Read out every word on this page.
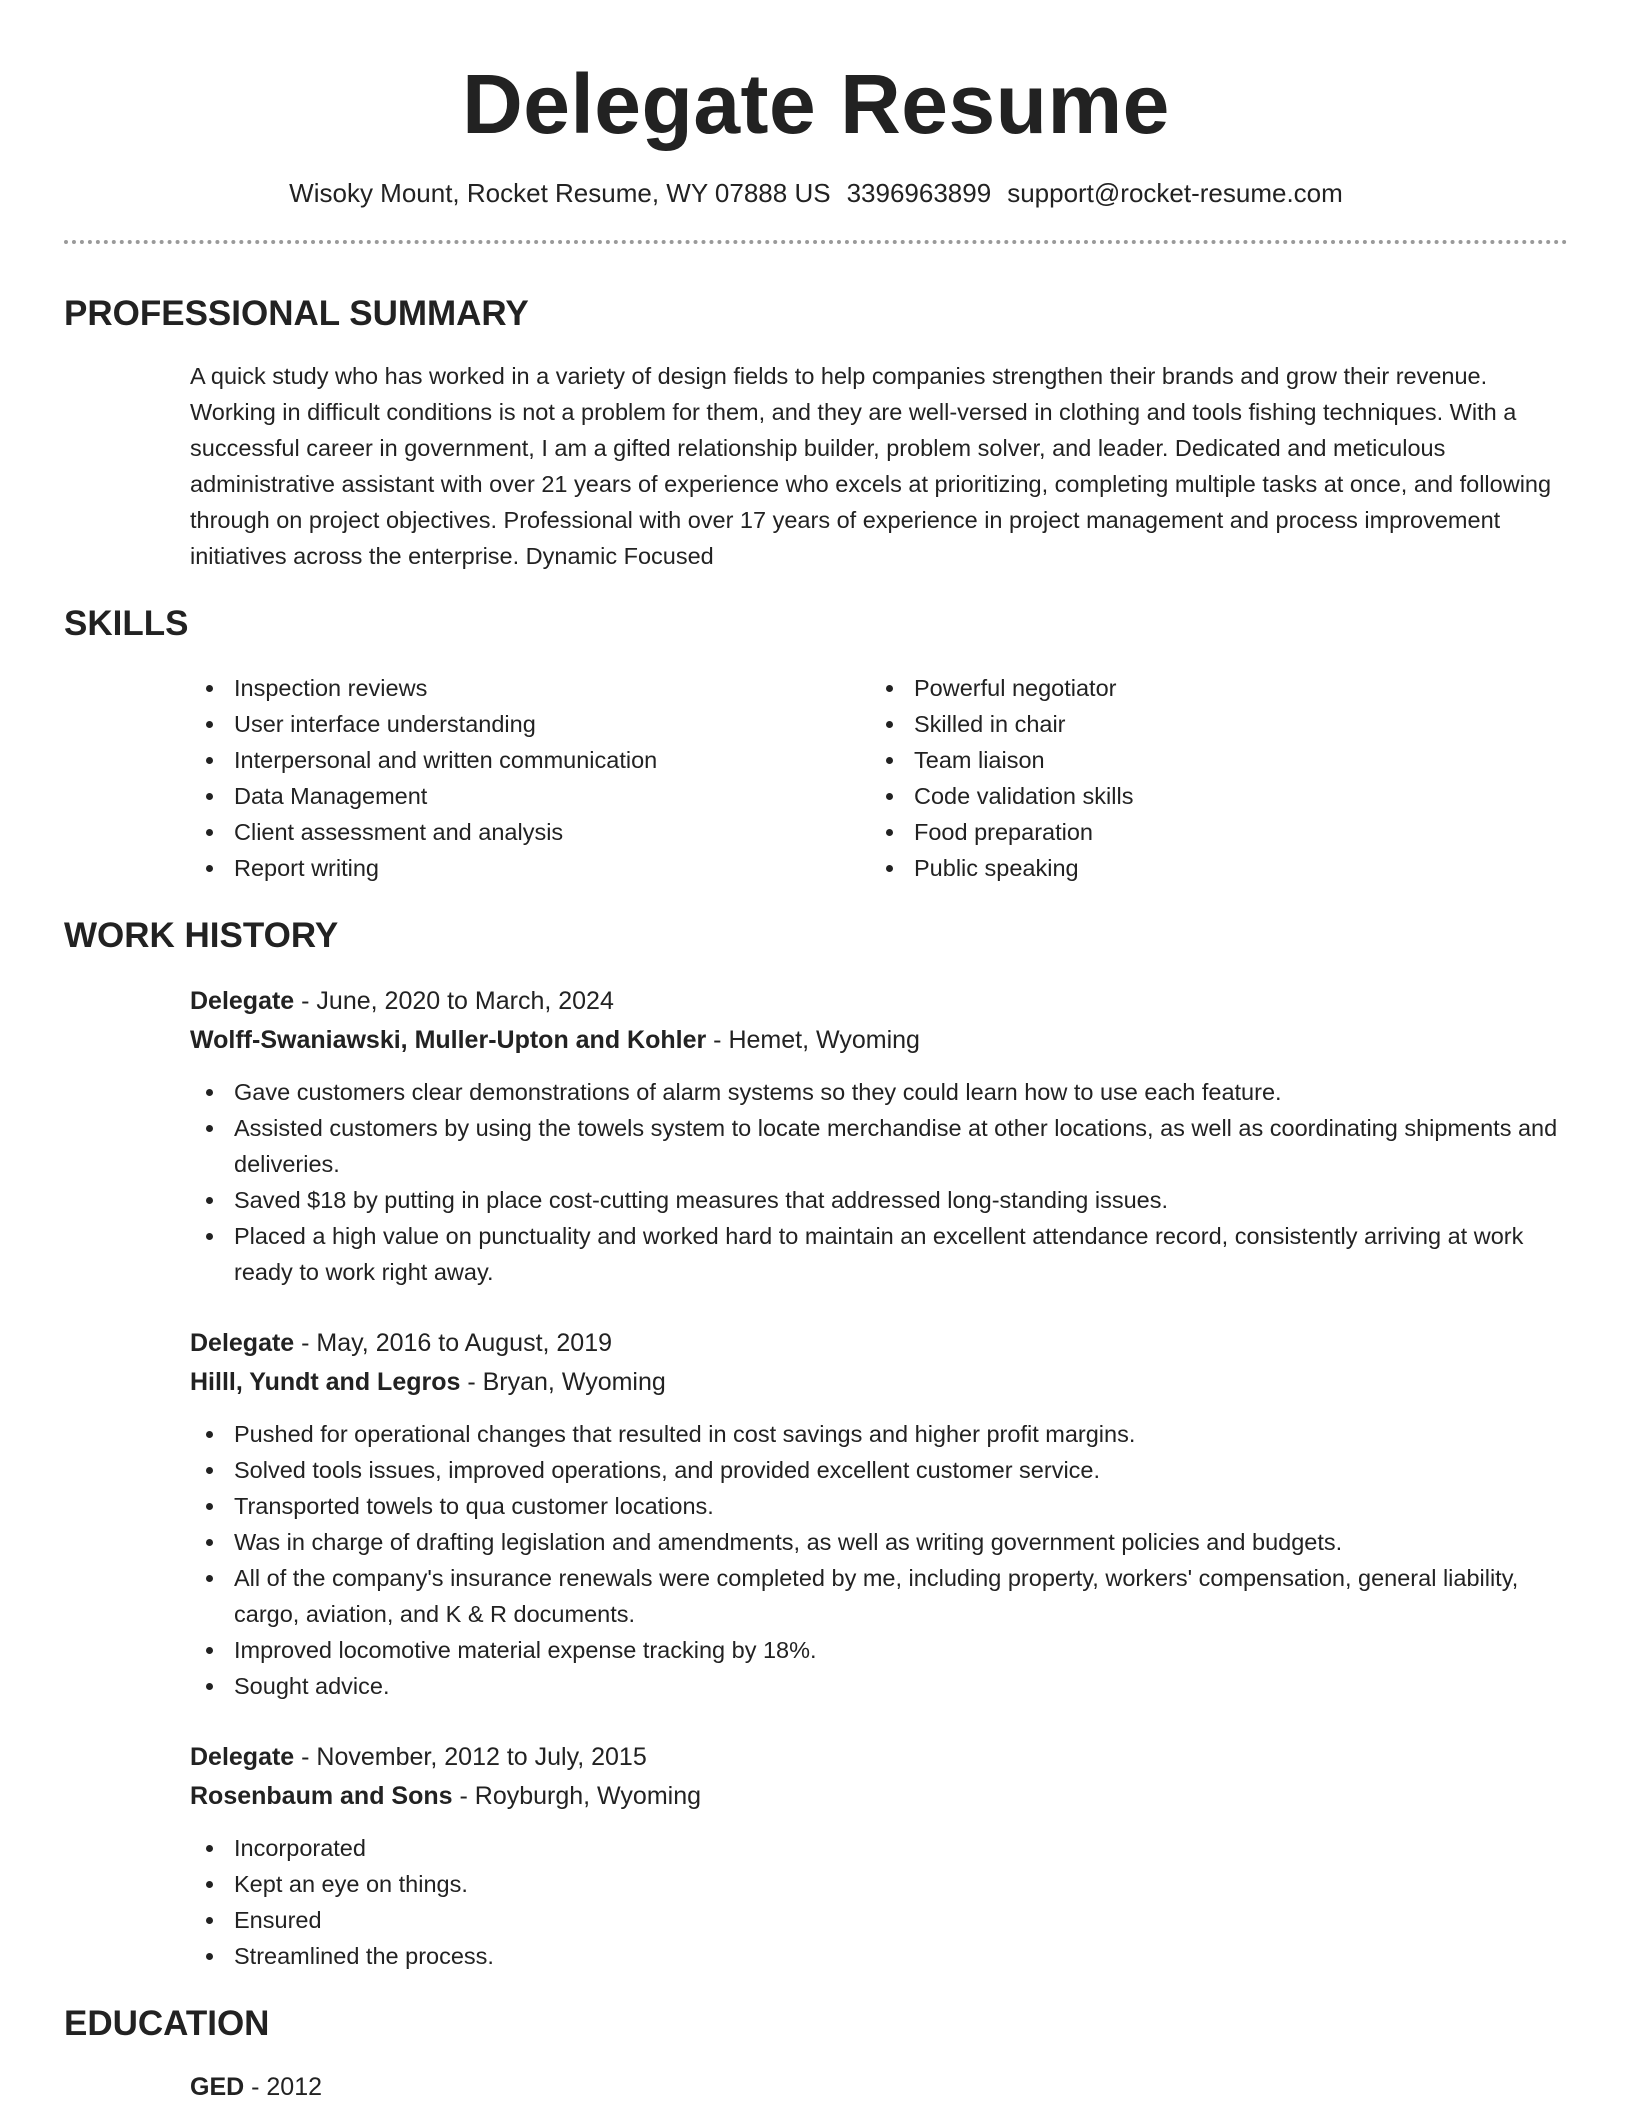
Delegate Resume
Wisoky Mount, Rocket Resume, WY 07888 US 3396963899 support@rocket-resume.com
PROFESSIONAL SUMMARY

A quick study who has worked in a variety of design fields to help companies strengthen their brands and grow their revenue. Working in difficult conditions is not a problem for them, and they are well-versed in clothing and tools fishing techniques. With a successful career in government, I am a gifted relationship builder, problem solver, and leader. Dedicated and meticulous administrative assistant with over 21 years of experience who excels at prioritizing, completing multiple tasks at once, and following through on project objectives. Professional with over 17 years of experience in project management and process improvement initiatives across the enterprise. Dynamic Focused

SKILLS
Inspection reviews
User interface understanding
Interpersonal and written communication
Data Management
Client assessment and analysis
Report writing
Powerful negotiator
Skilled in chair
Team liaison
Code validation skills
Food preparation
Public speaking
WORK HISTORY
Delegate - June, 2020 to March, 2024
Wolff-Swaniawski, Muller-Upton and Kohler - Hemet, Wyoming
Gave customers clear demonstrations of alarm systems so they could learn how to use each feature.
Assisted customers by using the towels system to locate merchandise at other locations, as well as coordinating shipments and deliveries.
Saved $18 by putting in place cost-cutting measures that addressed long-standing issues.
Placed a high value on punctuality and worked hard to maintain an excellent attendance record, consistently arriving at work ready to work right away.
Delegate - May, 2016 to August, 2019
Hilll, Yundt and Legros - Bryan, Wyoming
Pushed for operational changes that resulted in cost savings and higher profit margins.
Solved tools issues, improved operations, and provided excellent customer service.
Transported towels to qua customer locations.
Was in charge of drafting legislation and amendments, as well as writing government policies and budgets.
All of the company's insurance renewals were completed by me, including property, workers' compensation, general liability, cargo, aviation, and K & R documents.
Improved locomotive material expense tracking by 18%.
Sought advice.
Delegate - November, 2012 to July, 2015
Rosenbaum and Sons - Royburgh, Wyoming
Incorporated
Kept an eye on things.
Ensured
Streamlined the process.
EDUCATION
GED - 2012
